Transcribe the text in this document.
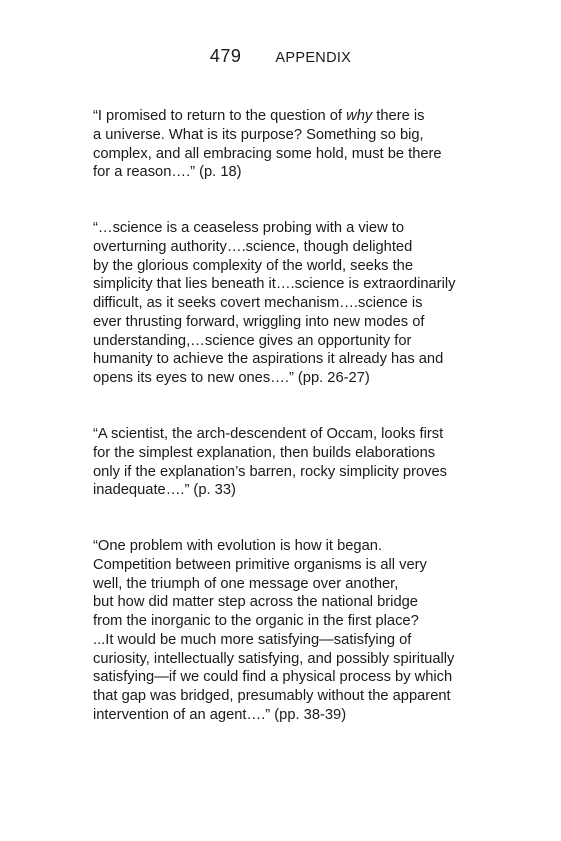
479 APPENDIX
“I promised to return to the question of why there is
a universe. What is its purpose? Something so big,
complex, and all embracing some hold, must be there
for a reason….” (p. 18)
“…science is a ceaseless probing with a view to
overturning authority….science, though delighted
by the glorious complexity of the world, seeks the
simplicity that lies beneath it….science is extraordinarily
difficult, as it seeks covert mechanism….science is
ever thrusting forward, wriggling into new modes of
understanding,…science gives an opportunity for
humanity to achieve the aspirations it already has and
opens its eyes to new ones….” (pp. 26-27)
“A scientist, the arch-descendent of Occam, looks first
for the simplest explanation, then builds elaborations
only if the explanation’s barren, rocky simplicity proves
inadequate….” (p. 33)
“One problem with evolution is how it began.
Competition between primitive organisms is all very
well, the triumph of one message over another,
but how did matter step across the national bridge
from the inorganic to the organic in the first place?
...It would be much more satisfying—satisfying of
curiosity, intellectually satisfying, and possibly spiritually
satisfying—if we could find a physical process by which
that gap was bridged, presumably without the apparent
intervention of an agent….” (pp. 38-39)
